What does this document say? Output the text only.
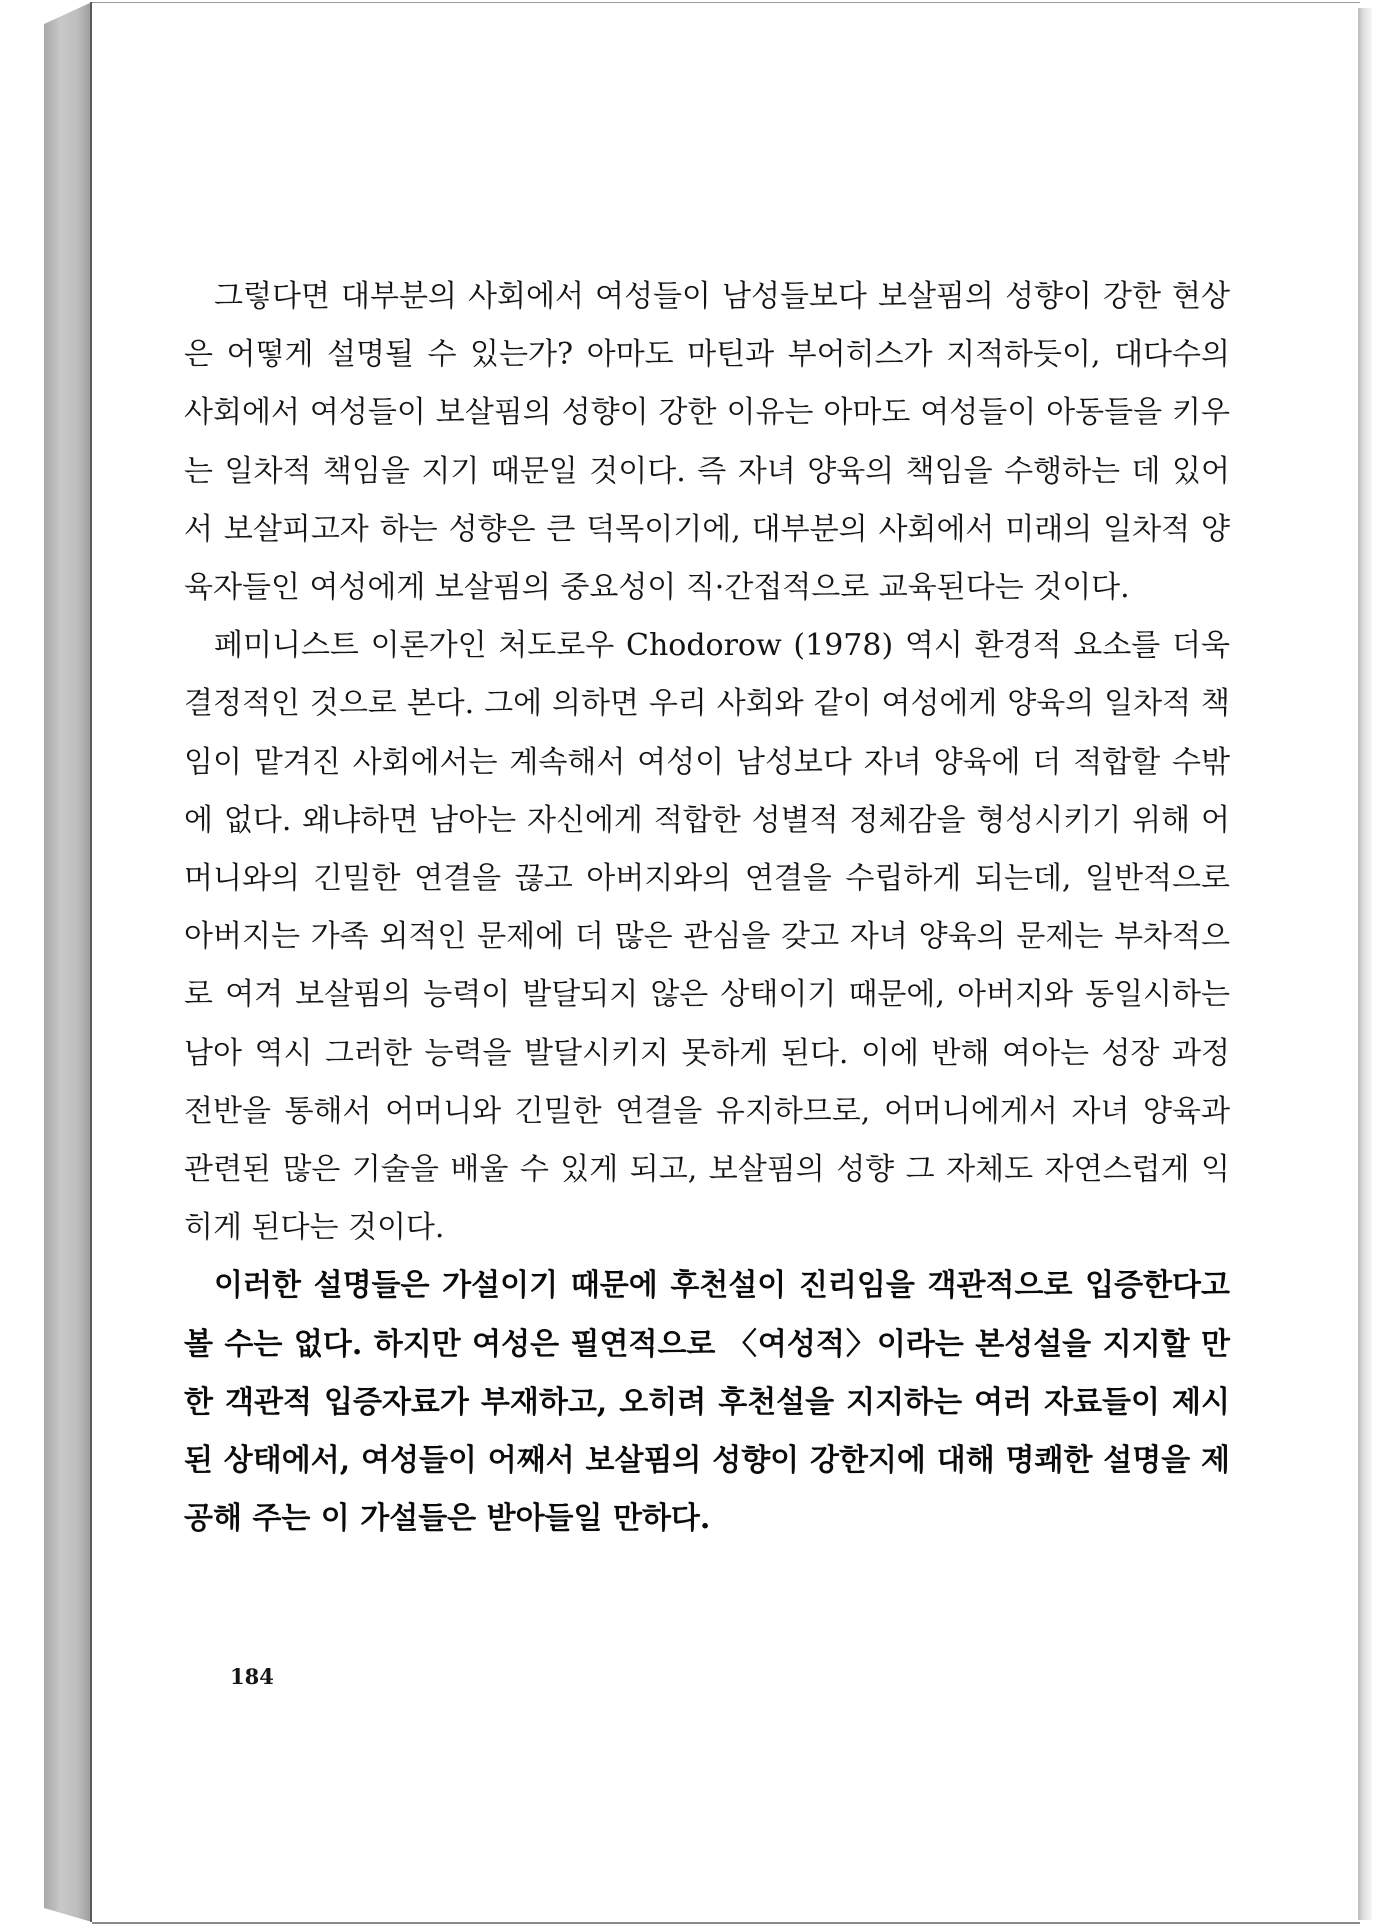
그렇다면 대부분의 사회에서 여성들이 남성들보다 보살핌의 성향이 강한 현상은 어떻게 설명될 수 있는가? 아마도 마틴과 부어히스가 지적하듯이, 대다수의 사회에서 여성들이 보살핌의 성향이 강한 이유는 아마도 여성들이 아동들을 키우는 일차적 책임을 지기 때문일 것이다. 즉 자녀 양육의 책임을 수행하는 데 있어서 보살피고자 하는 성향은 큰 덕목이기에, 대부분의 사회에서 미래의 일차적 양육자들인 여성에게 보살핌의 중요성이 직·간접적으로 교육된다는 것이다.

페미니스트 이론가인 처도로우 Chodorow (1978) 역시 환경적 요소를 더욱 결정적인 것으로 본다. 그에 의하면 우리 사회와 같이 여성에게 양육의 일차적 책임이 맡겨진 사회에서는 계속해서 여성이 남성보다 자녀 양육에 더 적합할 수밖에 없다. 왜냐하면 남아는 자신에게 적합한 성별적 정체감을 형성시키기 위해 어머니와의 긴밀한 연결을 끊고 아버지와의 연결을 수립하게 되는데, 일반적으로 아버지는 가족 외적인 문제에 더 많은 관심을 갖고 자녀 양육의 문제는 부차적으로 여겨 보살핌의 능력이 발달되지 않은 상태이기 때문에, 아버지와 동일시하는 남아 역시 그러한 능력을 발달시키지 못하게 된다. 이에 반해 여아는 성장 과정 전반을 통해서 어머니와 긴밀한 연결을 유지하므로, 어머니에게서 자녀 양육과 관련된 많은 기술을 배울 수 있게 되고, 보살핌의 성향 그 자체도 자연스럽게 익히게 된다는 것이다.

이러한 설명들은 가설이기 때문에 후천설이 진리임을 객관적으로 입증한다고 볼 수는 없다. 하지만 여성은 필연적으로 〈여성적〉이라는 본성설을 지지할 만한 객관적 입증자료가 부재하고, 오히려 후천설을 지지하는 여러 자료들이 제시된 상태에서, 여성들이 어째서 보살핌의 성향이 강한지에 대해 명쾌한 설명을 제공해 주는 이 가설들은 받아들일 만하다.

184
